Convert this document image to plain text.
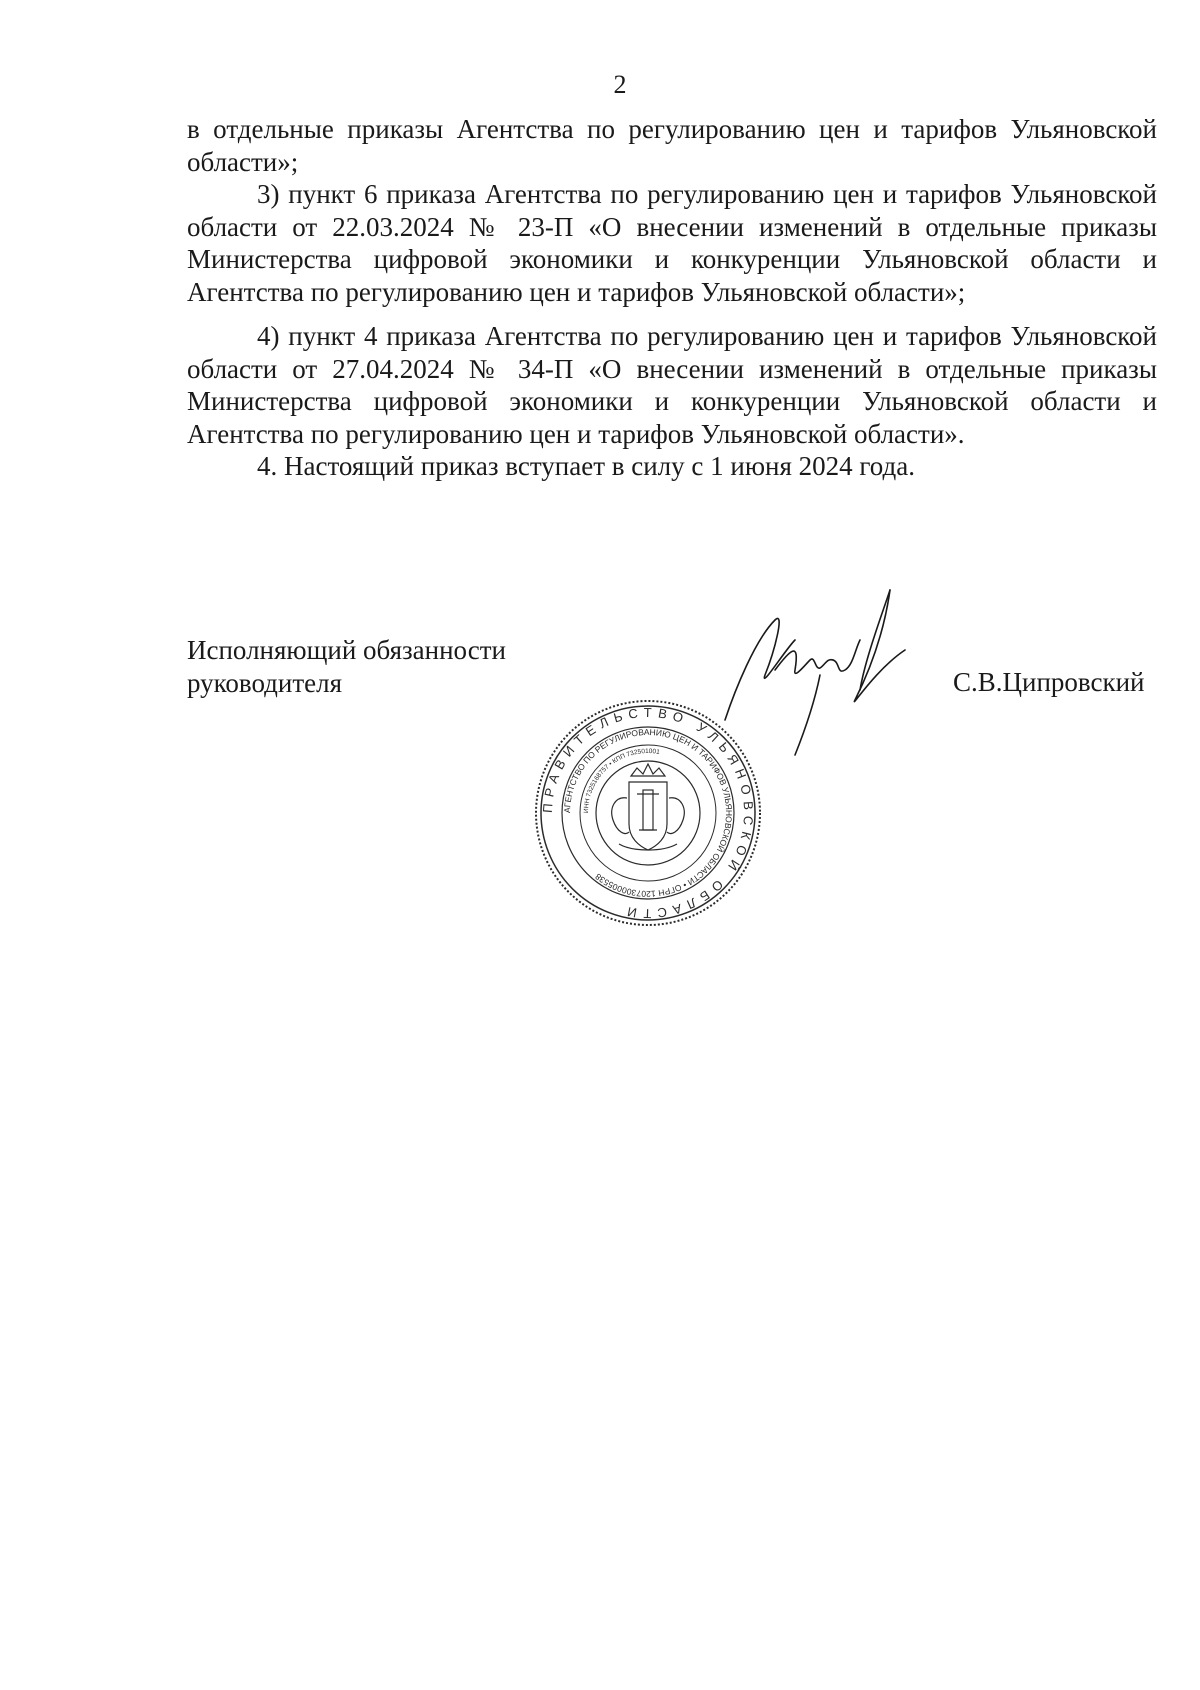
2

в отдельные приказы Агентства по регулированию цен и тарифов Ульяновской области»;

3) пункт 6 приказа Агентства по регулированию цен и тарифов Ульяновской области от 22.03.2024 № 23-П «О внесении изменений в отдельные приказы Министерства цифровой экономики и конкуренции Ульяновской области и Агентства по регулированию цен и тарифов Ульяновской области»;

4) пункт 4 приказа Агентства по регулированию цен и тарифов Ульяновской области от 27.04.2024 № 34-П «О внесении изменений в отдельные приказы Министерства цифровой экономики и конкуренции Ульяновской области и Агентства по регулированию цен и тарифов Ульяновской области».

4. Настоящий приказ вступает в силу с 1 июня 2024 года.

Исполняющий обязанности
руководителя	С.В.Ципровский
ПРАВИТЕЛЬСТВО УЛЬЯНОВСКОЙ ОБЛАСТИ
АГЕНТСТВО ПО РЕГУЛИРОВАНИЮ ЦЕН И ТАРИФОВ УЛЬЯНОВСКОЙ ОБЛАСТИ • ОГРН 1207300005538
ИНН 7325168757 • КПП 732501001
